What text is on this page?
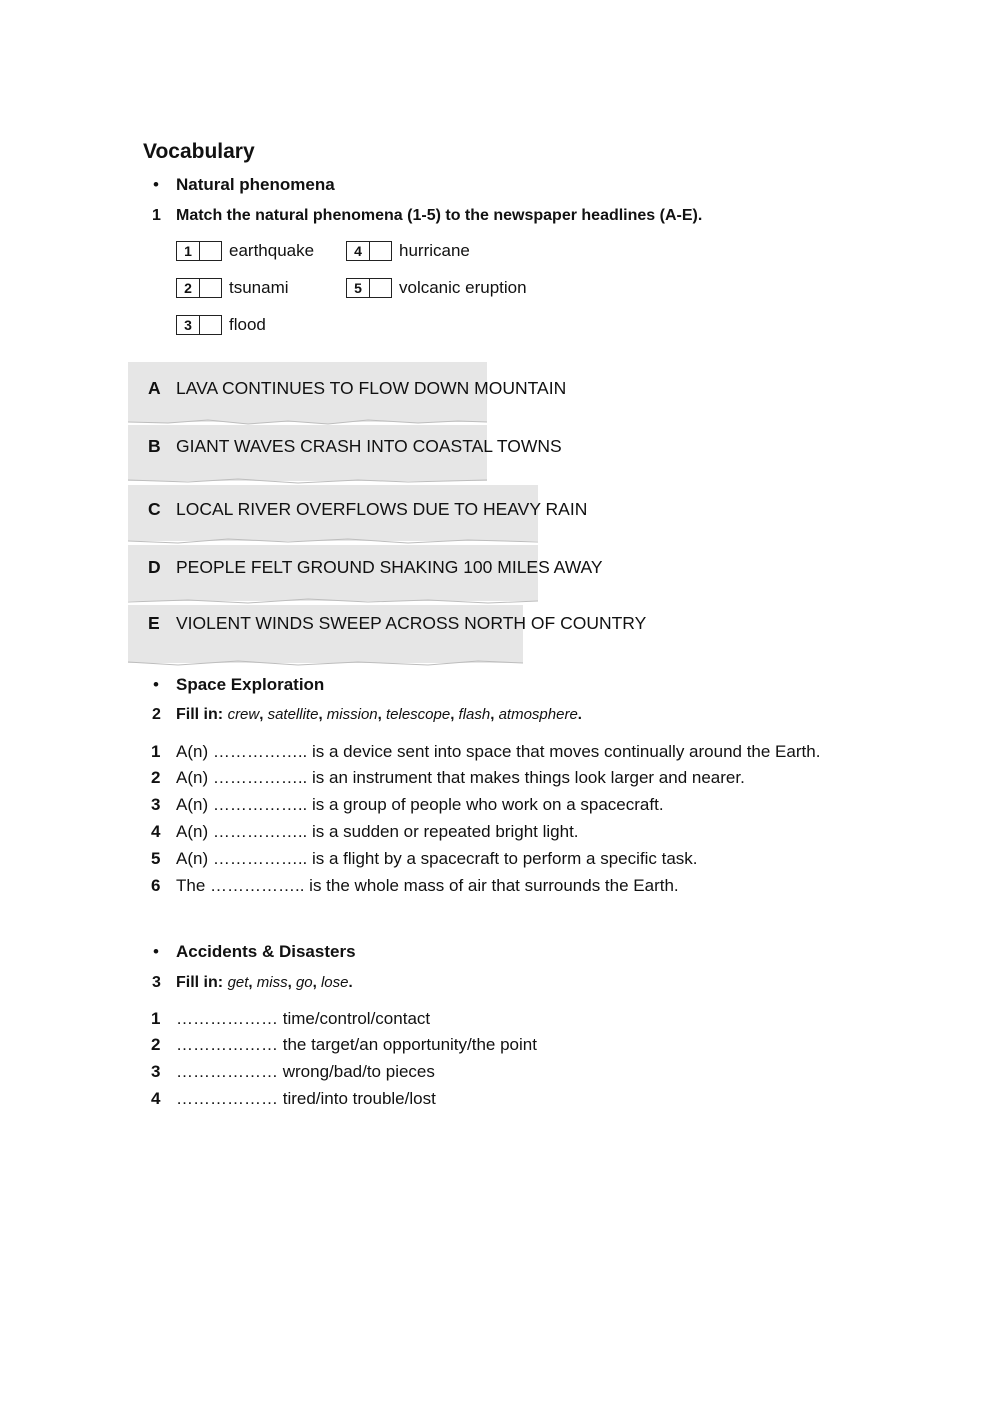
Vocabulary
•Natural phenomena
1 Match the natural phenomena (1-5) to the newspaper headlines (A-E).
1	earthquake
2	tsunami
3	flood
4	hurricane
5	volcanic eruption
A LAVA CONTINUES TO FLOW DOWN MOUNTAIN
B GIANT WAVES CRASH INTO COASTAL TOWNS
C LOCAL RIVER OVERFLOWS DUE TO HEAVY RAIN
D PEOPLE FELT GROUND SHAKING 100 MILES AWAY
E VIOLENT WINDS SWEEP ACROSS NORTH OF COUNTRY
•Space Exploration
2 Fill in: crew, satellite, mission, telescope, flash, atmosphere.
1 A(n) …………….. is a device sent into space that moves continually around the Earth.
2 A(n) …………….. is an instrument that makes things look larger and nearer.
3 A(n) …………….. is a group of people who work on a spacecraft.
4 A(n) …………….. is a sudden or repeated bright light.
5 A(n) …………….. is a flight by a spacecraft to perform a specific task.
6 The …………….. is the whole mass of air that surrounds the Earth.
•Accidents & Disasters
3 Fill in: get, miss, go, lose.
1 ……………… time/control/contact
2 ……………… the target/an opportunity/the point
3 ……………… wrong/bad/to pieces
4 ……………… tired/into trouble/lost
